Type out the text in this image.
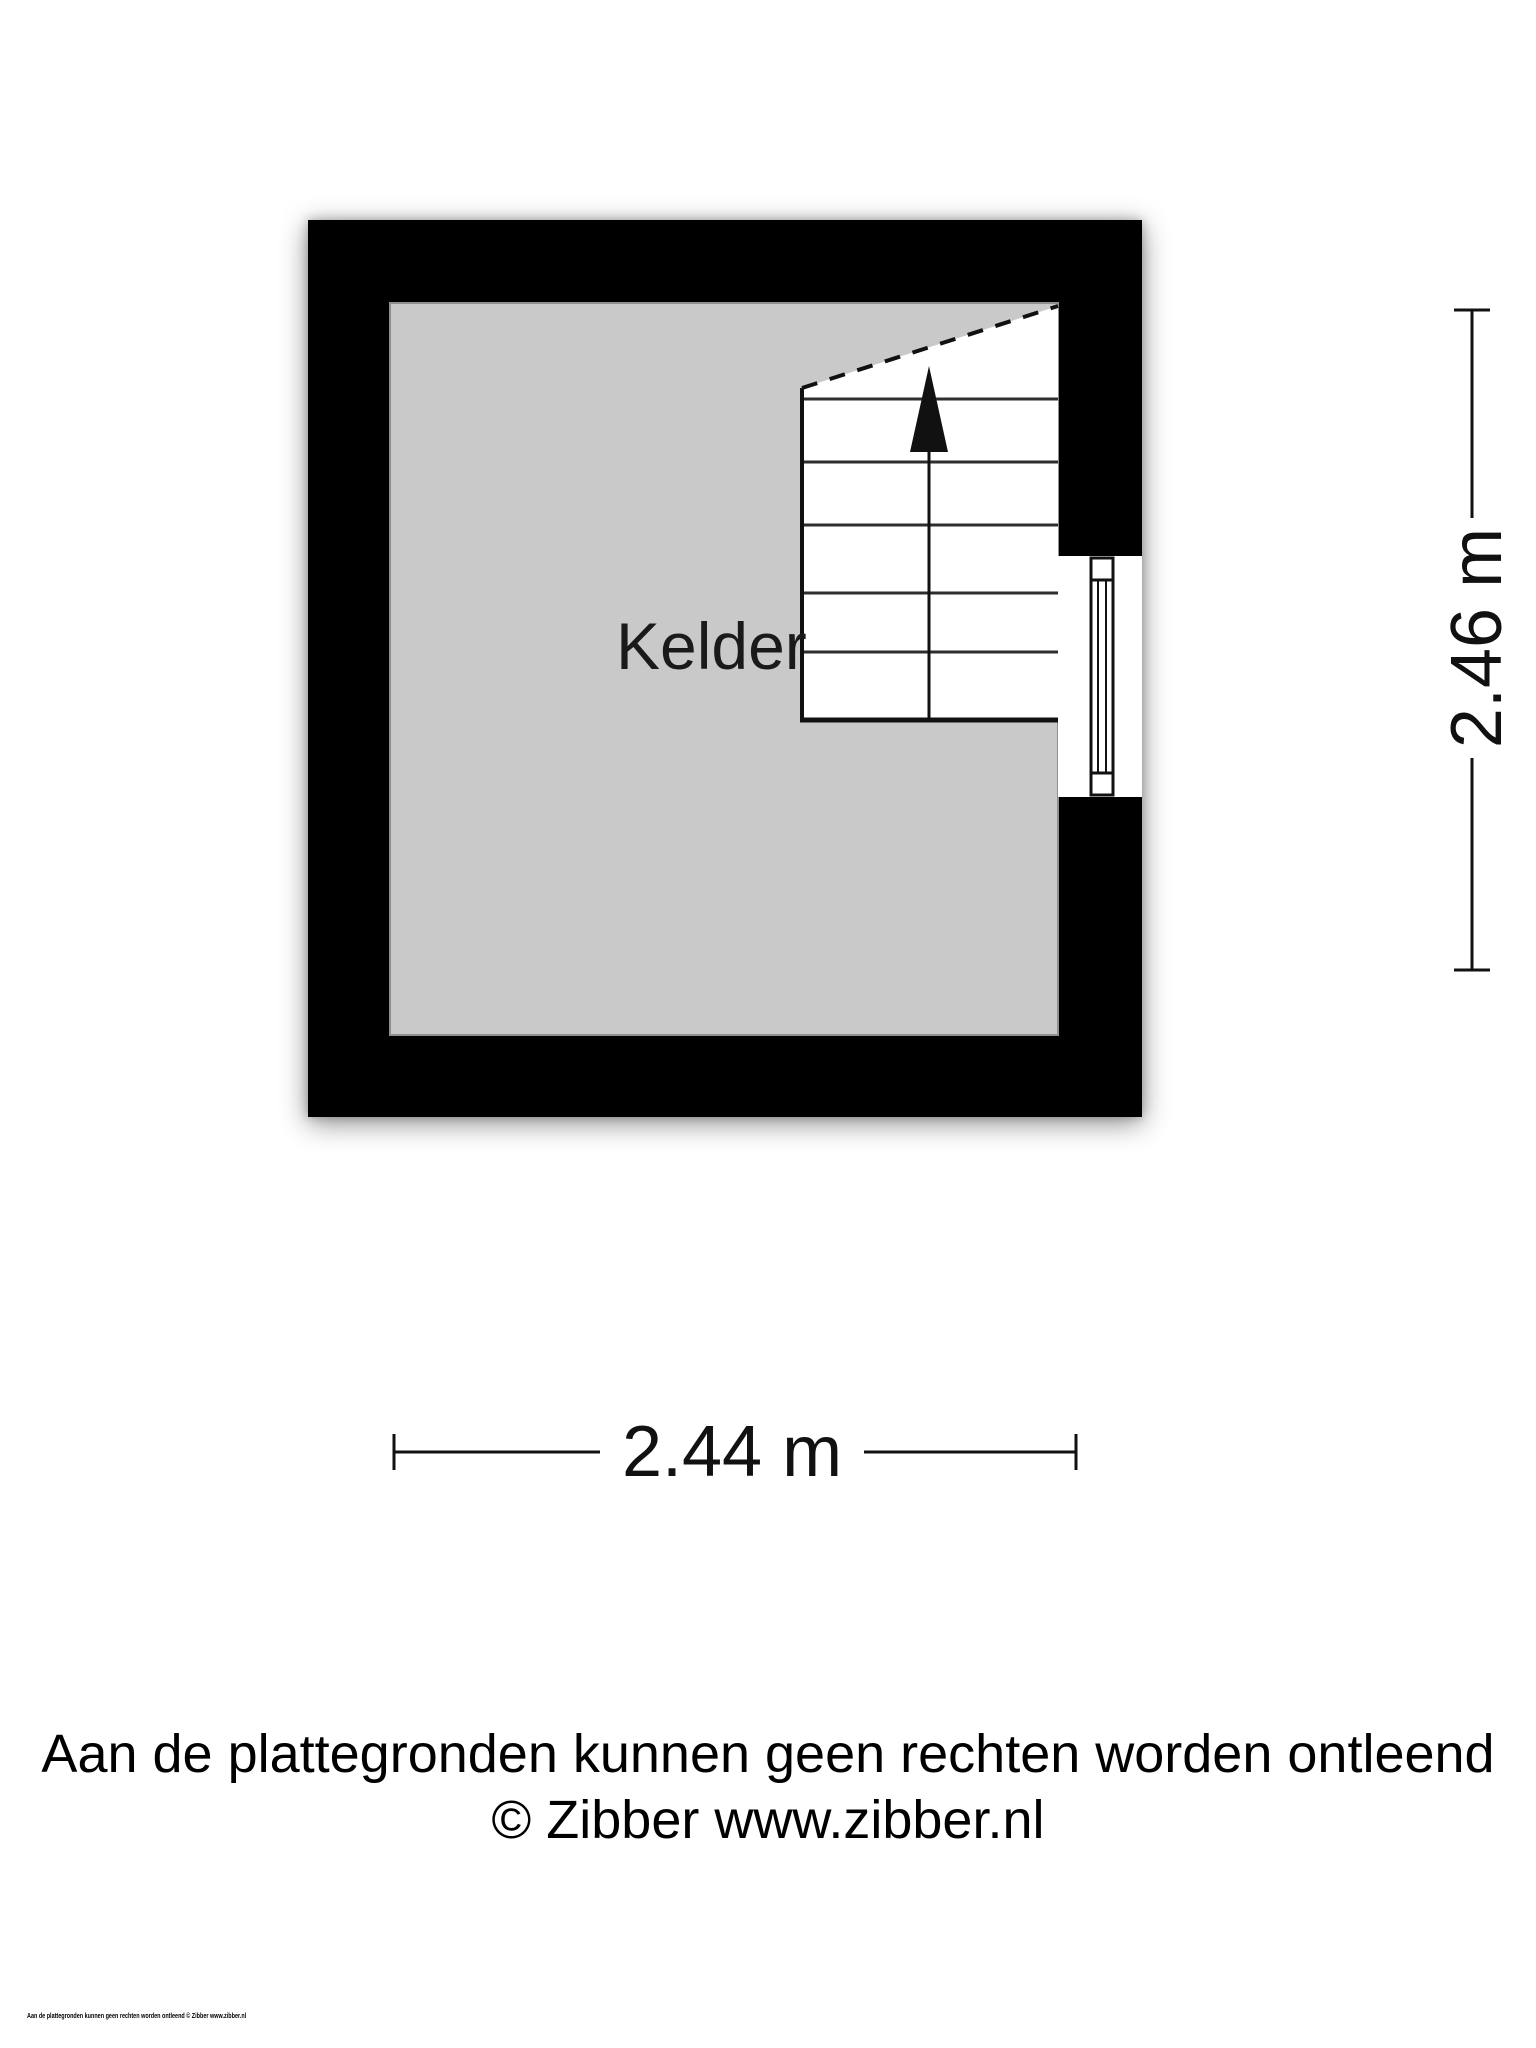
Kelder
2.44 m
2.46 m
Aan de plattegronden kunnen geen rechten worden ontleend
© Zibber www.zibber.nl
Aan de plattegronden kunnen geen rechten worden ontleend © Zibber www.zibber.nl
